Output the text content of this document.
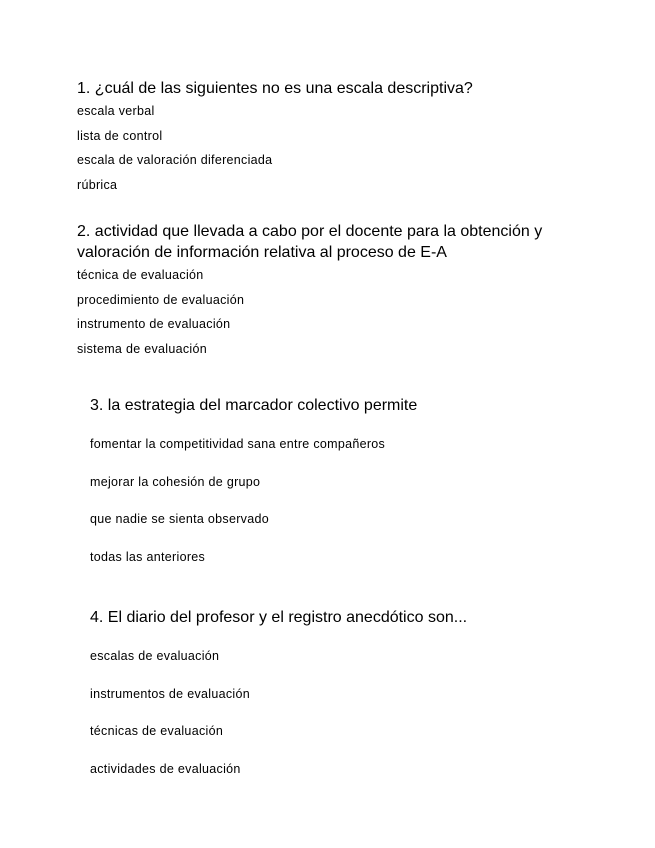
1. ¿cuál de las siguientes no es una escala descriptiva?

escala verbal
lista de control
escala de valoración diferenciada
rúbrica

2. actividad que llevada a cabo por el docente para la obtención y valoración de información relativa al proceso de E-A

técnica de evaluación
procedimiento de evaluación
instrumento de evaluación
sistema de evaluación

3. la estrategia del marcador colectivo permite

fomentar la competitividad sana entre compañeros
mejorar la cohesión de grupo
que nadie se sienta observado
todas las anteriores

4. El diario del profesor y el registro anecdótico son...

escalas de evaluación
instrumentos de evaluación
técnicas de evaluación
actividades de evaluación
